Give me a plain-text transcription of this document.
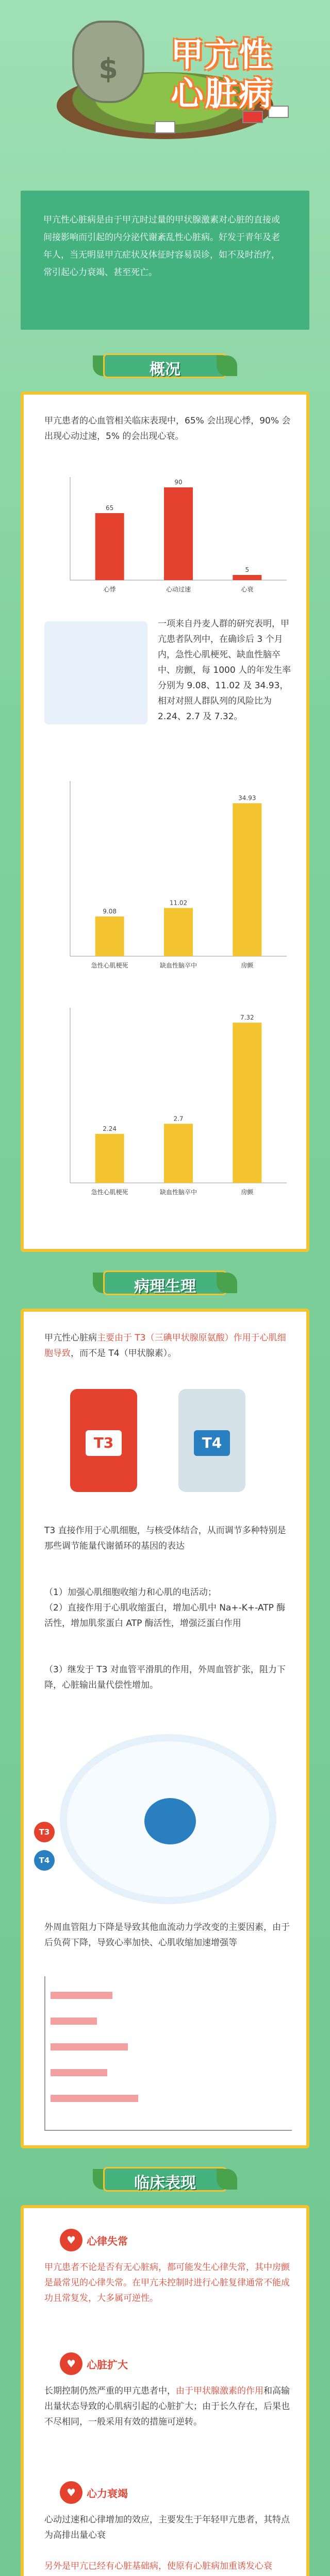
$	甲亢性
心脏病

甲亢性心脏病是由于甲亢时过量的甲状腺激素对心脏的直接或间接影响而引起的内分泌代谢紊乱性心脏病。好发于青年及老年人，当无明显甲亢症状及体征时容易误诊，如不及时治疗，常引起心力衰竭、甚至死亡。

概况
甲亢患者的心血管相关临床表现中，65% 会出现心悸，90% 会出现心动过速，5% 的会出现心衰。
65
心悸
90
心动过速
5
心衰
一项来自丹麦人群的研究表明，甲亢患者队列中，在确诊后 3 个月内，急性心肌梗死、缺血性脑卒中、房颤，每 1000 人的年发生率分别为 9.08、11.02 及 34.93，相对对照人群队列的风险比为 2.24、2.7 及 7.32。
9.08
急性心肌梗死
11.02
缺血性脑卒中
34.93
房颤
2.24
急性心肌梗死
2.7
缺血性脑卒中
7.32
房颤
病理生理
甲亢性心脏病主要由于 T3（三碘甲状腺原氨酸）作用于心肌细胞导致，而不是 T4（甲状腺素）。
T3	T4
T3 直接作用于心肌细胞，与核受体结合，从而调节多种特别是那些调节能量代谢循环的基因的表达
（1）加强心肌细胞收缩力和心肌的电活动；
（2）直接作用于心肌收缩蛋白，增加心肌中 Na+-K+-ATP 酶活性，增加肌浆蛋白 ATP 酶活性，增强泛蛋白作用
（3）继发于 T3 对血管平滑肌的作用，外周血管扩张，阻力下降，心脏输出量代偿性增加。
T3
T4
外周血管阻力下降是导致其他血流动力学改变的主要因素，由于后负荷下降，导致心率加快、心肌收缩加速增强等
临床表现
♥	心律失常
甲亢患者不论是否有无心脏病，都可能发生心律失常，其中房颤是最常见的心律失常。在甲亢未控制时进行心脏复律通常不能成功且常复发，大多属可逆性。
♥	心脏扩大
长期控制仍然严重的甲亢患者中，由于甲状腺激素的作用和高输出量状态导致的心肌病引起的心脏扩大；由于长久存在，后果也不尽相同，一般采用有效的措施可逆转。
♥	心力衰竭
心动过速和心律增加的效应，主要发生于年轻甲亢患者，其特点为高排出量心衰
另外是甲亢已经有心脏基础病，使原有心脏病加重诱发心衰
